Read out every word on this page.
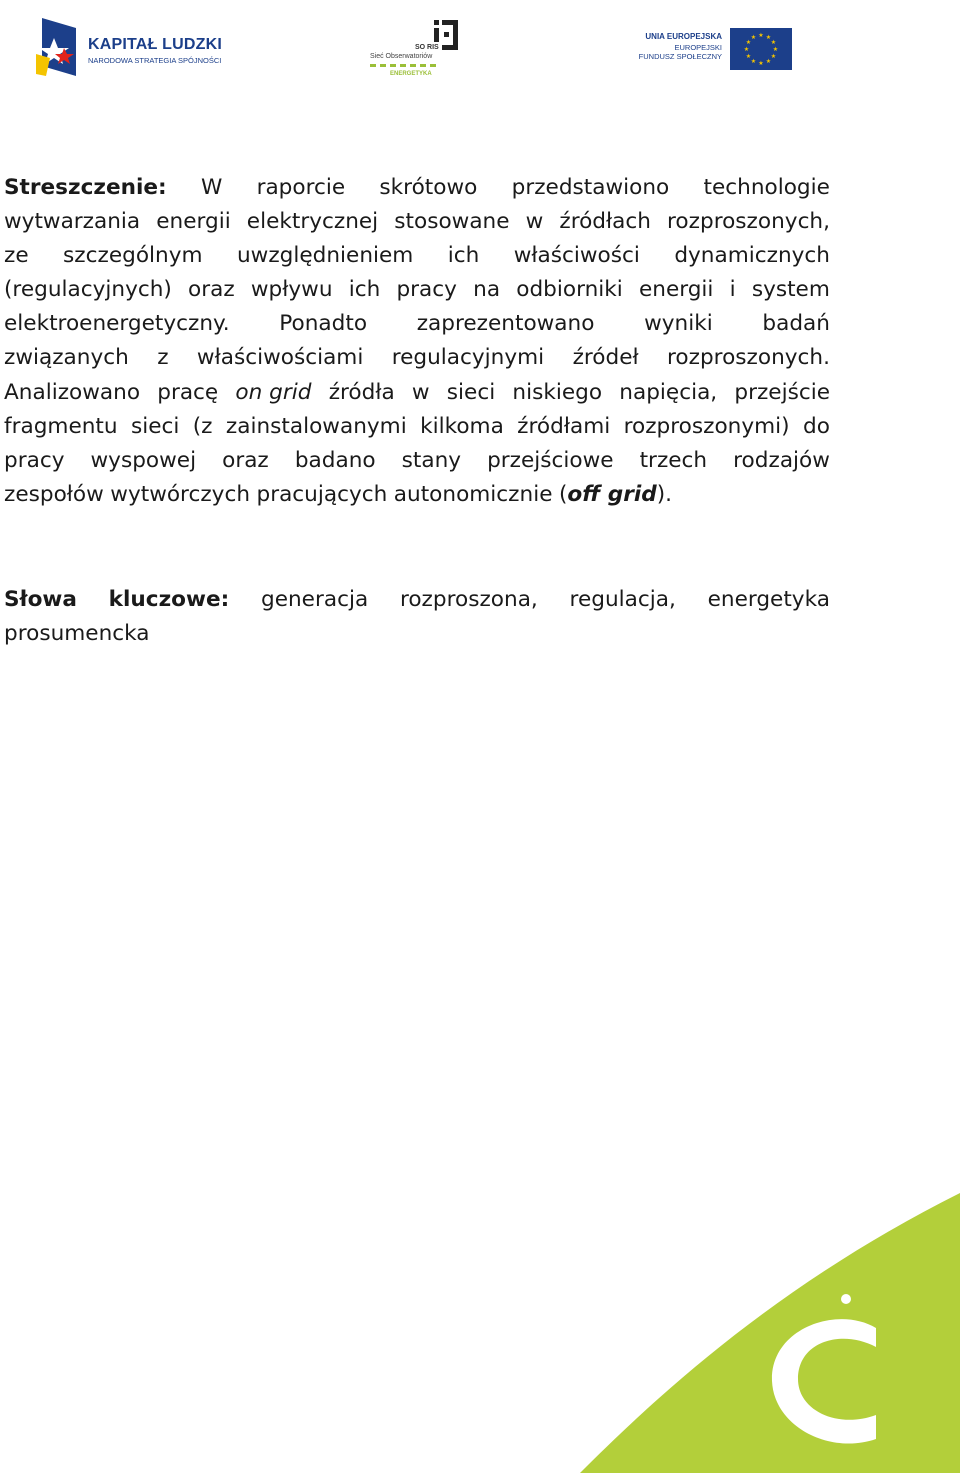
KAPITAŁ LUDZKI
NARODOWA STRATEGIA SPÓJNOŚCI
SO RIS
Sieć Obserwatoriów
ENERGETYKA
UNIA EUROPEJSKA
EUROPEJSKI
FUNDUSZ SPOŁECZNY
★ ★
★
★
★
★
★
★
★
★
★
★
Streszczenie: W raporcie skrótowo przedstawiono technologie
wytwarzania energii elektrycznej stosowane w źródłach rozproszonych,
ze szczególnym uwzględnieniem ich właściwości dynamicznych
(regulacyjnych) oraz wpływu ich pracy na odbiorniki energii i system
elektroenergetyczny. Ponadto zaprezentowano wyniki badań
związanych z właściwościami regulacyjnymi źródeł rozproszonych.
Analizowano pracę on grid źródła w sieci niskiego napięcia, przejście
fragmentu sieci (z zainstalowanymi kilkoma źródłami rozproszonymi) do
pracy wyspowej oraz badano stany przejściowe trzech rodzajów
zespołów wytwórczych pracujących autonomicznie ( off grid ).
Słowa kluczowe: generacja rozproszona, regulacja, energetyka
prosumencka
